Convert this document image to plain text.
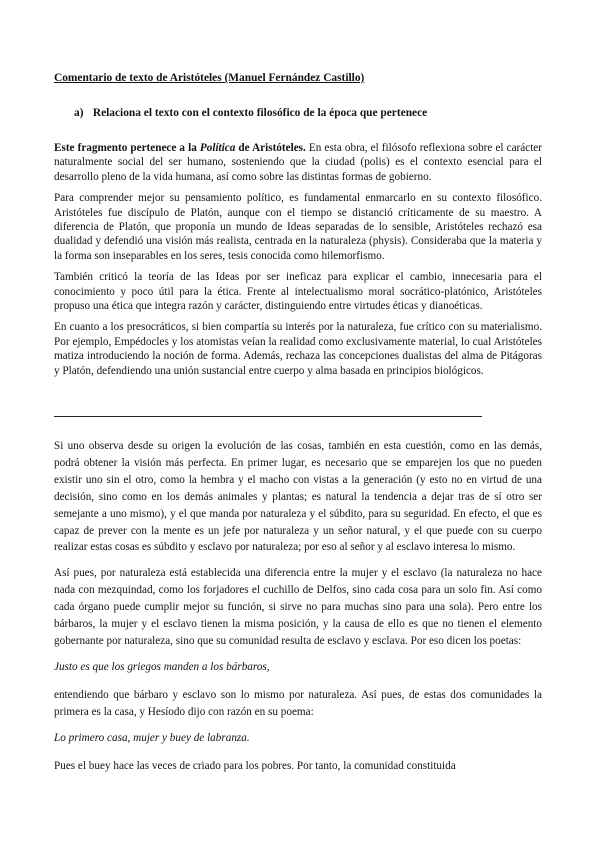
Comentario de texto de Aristóteles (Manuel Fernández Castillo)
a) Relaciona el texto con el contexto filosófico de la época que pertenece

Este fragmento pertenece a la Política de Aristóteles. En esta obra, el filósofo reflexiona sobre el carácter naturalmente social del ser humano, sosteniendo que la ciudad (polis) es el contexto esencial para el desarrollo pleno de la vida humana, así como sobre las distintas formas de gobierno.

Para comprender mejor su pensamiento político, es fundamental enmarcarlo en su contexto filosófico. Aristóteles fue discípulo de Platón, aunque con el tiempo se distanció críticamente de su maestro. A diferencia de Platón, que proponía un mundo de Ideas separadas de lo sensible, Aristóteles rechazó esa dualidad y defendió una visión más realista, centrada en la naturaleza (physis). Consideraba que la materia y la forma son inseparables en los seres, tesis conocida como hilemorfismo.

También criticó la teoría de las Ideas por ser ineficaz para explicar el cambio, innecesaria para el conocimiento y poco útil para la ética. Frente al intelectualismo moral socrático-platónico, Aristóteles propuso una ética que integra razón y carácter, distinguiendo entre virtudes éticas y dianoéticas.

En cuanto a los presocráticos, si bien compartía su interés por la naturaleza, fue crítico con su materialismo. Por ejemplo, Empédocles y los atomistas veían la realidad como exclusivamente material, lo cual Aristóteles matiza introduciendo la noción de forma. Además, rechaza las concepciones dualistas del alma de Pitágoras y Platón, defendiendo una unión sustancial entre cuerpo y alma basada en principios biológicos.

Si uno observa desde su origen la evolución de las cosas, también en esta cuestión, como en las demás, podrá obtener la visión más perfecta. En primer lugar, es necesario que se emparejen los que no pueden existir uno sin el otro, como la hembra y el macho con vistas a la generación (y esto no en virtud de una decisión, sino como en los demás animales y plantas; es natural la tendencia a dejar tras de sí otro ser semejante a uno mismo), y el que manda por naturaleza y el súbdito, para su seguridad. En efecto, el que es capaz de prever con la mente es un jefe por naturaleza y un señor natural, y el que puede con su cuerpo realizar estas cosas es súbdito y esclavo por naturaleza; por eso al señor y al esclavo interesa lo mismo.

Así pues, por naturaleza está establecida una diferencia entre la mujer y el esclavo (la naturaleza no hace nada con mezquindad, como los forjadores el cuchillo de Delfos, sino cada cosa para un solo fin. Así como cada órgano puede cumplir mejor su función, si sirve no para muchas sino para una sola). Pero entre los bárbaros, la mujer y el esclavo tienen la misma posición, y la causa de ello es que no tienen el elemento gobernante por naturaleza, sino que su comunidad resulta de esclavo y esclava. Por eso dicen los poetas:

Justo es que los griegos manden a los bárbaros,

entendiendo que bárbaro y esclavo son lo mismo por naturaleza. Así pues, de estas dos comunidades la primera es la casa, y Hesíodo dijo con razón en su poema:

Lo primero casa, mujer y buey de labranza.

Pues el buey hace las veces de criado para los pobres. Por tanto, la comunidad constituida
